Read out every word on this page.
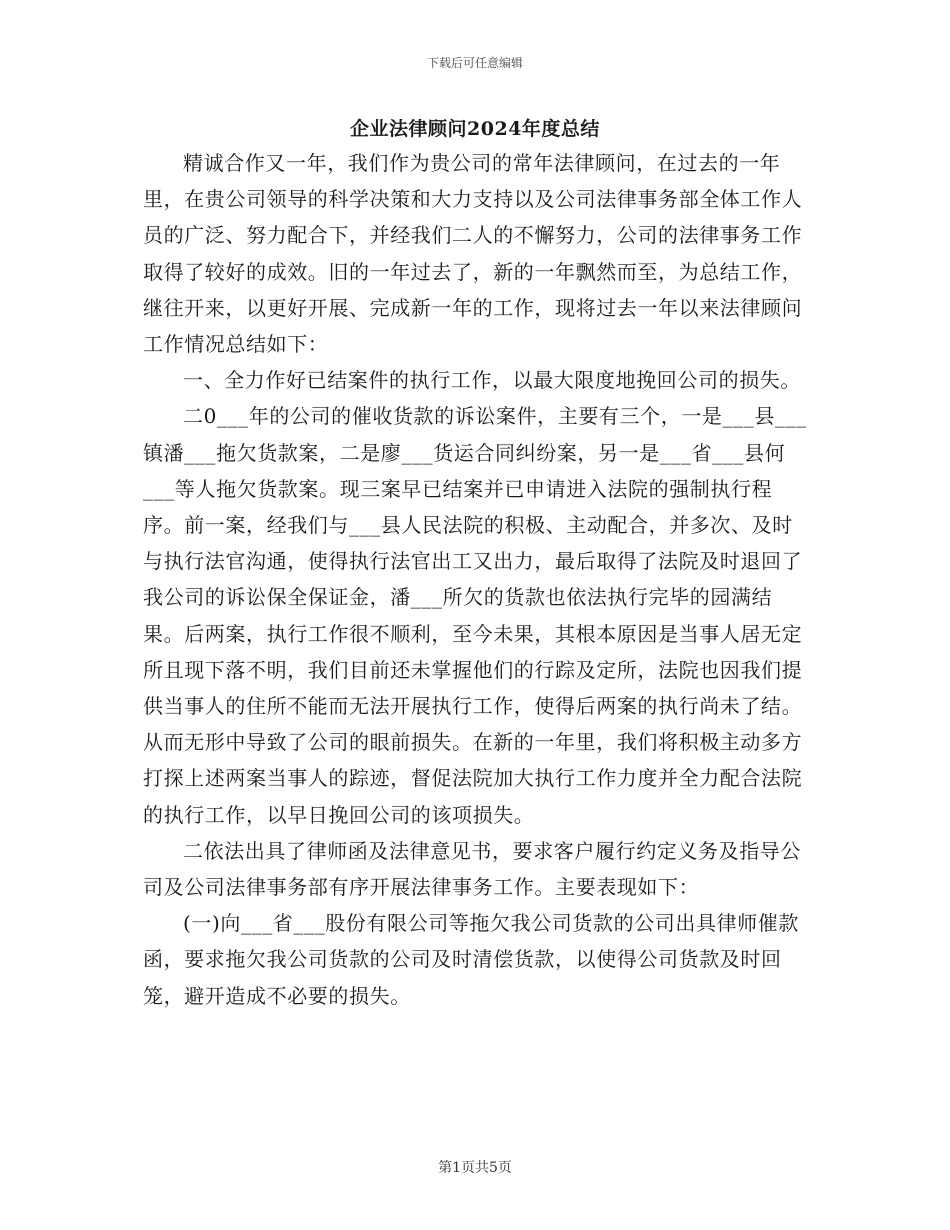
下载后可任意编辑
企业法律顾问2024年度总结

精诚合作又一年，我们作为贵公司的常年法律顾问，在过去的一年里，在贵公司领导的科学决策和大力支持以及公司法律事务部全体工作人员的广泛、努力配合下，并经我们二人的不懈努力，公司的法律事务工作取得了较好的成效。旧的一年过去了，新的一年飘然而至，为总结工作，继往开来，以更好开展、完成新一年的工作，现将过去一年以来法律顾问工作情况总结如下：

一、全力作好已结案件的执行工作，以最大限度地挽回公司的损失。

二0___年的公司的催收货款的诉讼案件，主要有三个，一是___县___镇潘___拖欠货款案，二是廖___货运合同纠纷案，另一是___省___县何___等人拖欠货款案。现三案早已结案并已申请进入法院的强制执行程序。前一案，经我们与___县人民法院的积极、主动配合，并多次、及时与执行法官沟通，使得执行法官出工又出力，最后取得了法院及时退回了我公司的诉讼保全保证金，潘___所欠的货款也依法执行完毕的园满结果。后两案，执行工作很不顺利，至今未果，其根本原因是当事人居无定所且现下落不明，我们目前还未掌握他们的行踪及定所，法院也因我们提供当事人的住所不能而无法开展执行工作，使得后两案的执行尚未了结。从而无形中导致了公司的眼前损失。在新的一年里，我们将积极主动多方打探上述两案当事人的踪迹，督促法院加大执行工作力度并全力配合法院的执行工作，以早日挽回公司的该项损失。

二依法出具了律师函及法律意见书，要求客户履行约定义务及指导公司及公司法律事务部有序开展法律事务工作。主要表现如下：

(一)向___省___股份有限公司等拖欠我公司货款的公司出具律师催款函，要求拖欠我公司货款的公司及时清偿货款，以使得公司货款及时回笼，避开造成不必要的损失。

第1页共5页
